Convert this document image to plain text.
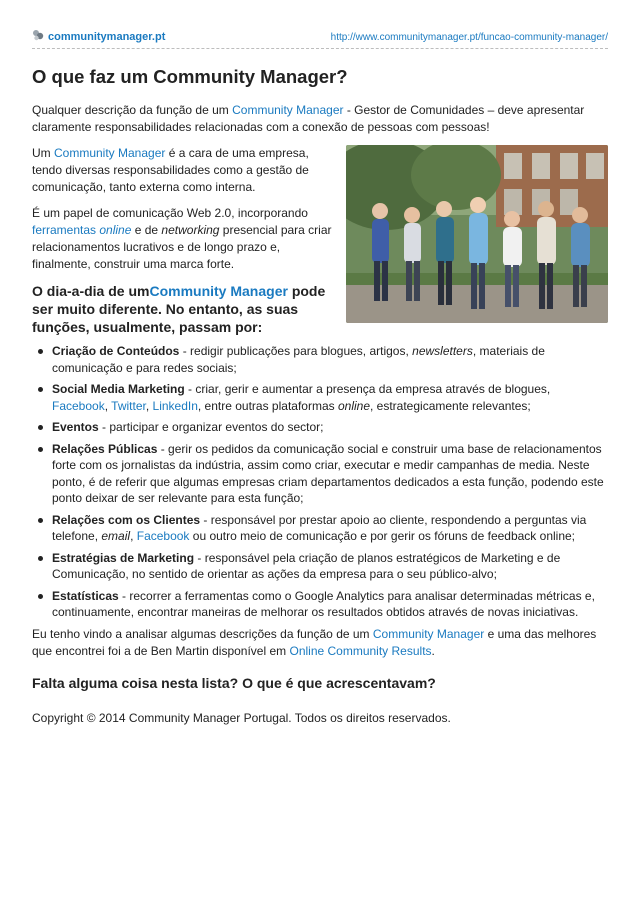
communitymanager.pt	http://www.communitymanager.pt/funcao-community-manager/
O que faz um Community Manager?

Qualquer descrição da função de um Community Manager - Gestor de Comunidades – deve apresentar claramente responsabilidades relacionadas com a conexão de pessoas com pessoas!

Um Community Manager é a cara de uma empresa, tendo diversas responsabilidades como a gestão de comunicação, tanto externa como interna.

É um papel de comunicação Web 2.0, incorporando ferramentas online e de networking presencial para criar relacionamentos lucrativos e de longo prazo e, finalmente, construir uma marca forte.

O dia-a-dia de umCommunity Manager pode ser muito diferente. No entanto, as suas funções, usualmente, passam por:
Criação de Conteúdos - redigir publicações para blogues, artigos, newsletters, materiais de comunicação e para redes sociais;
Social Media Marketing - criar, gerir e aumentar a presença da empresa através de blogues, Facebook, Twitter, LinkedIn, entre outras plataformas online, estrategicamente relevantes;
Eventos - participar e organizar eventos do sector;
Relações Públicas - gerir os pedidos da comunicação social e construir uma base de relacionamentos forte com os jornalistas da indústria, assim como criar, executar e medir campanhas de media. Neste ponto, é de referir que algumas empresas criam departamentos dedicados a esta função, podendo este ponto deixar de ser relevante para esta função;
Relações com os Clientes - responsável por prestar apoio ao cliente, respondendo a perguntas via telefone, email, Facebook ou outro meio de comunicação e por gerir os fóruns de feedback online;
Estratégias de Marketing - responsável pela criação de planos estratégicos de Marketing e de Comunicação, no sentido de orientar as ações da empresa para o seu público-alvo;
Estatísticas - recorrer a ferramentas como o Google Analytics para analisar determinadas métricas e, continuamente, encontrar maneiras de melhorar os resultados obtidos através de novas iniciativas.

Eu tenho vindo a analisar algumas descrições da função de um Community Manager e uma das melhores que encontrei foi a de Ben Martin disponível em Online Community Results.

Falta alguma coisa nesta lista? O que é que acrescentavam?

Copyright © 2014 Community Manager Portugal. Todos os direitos reservados.
